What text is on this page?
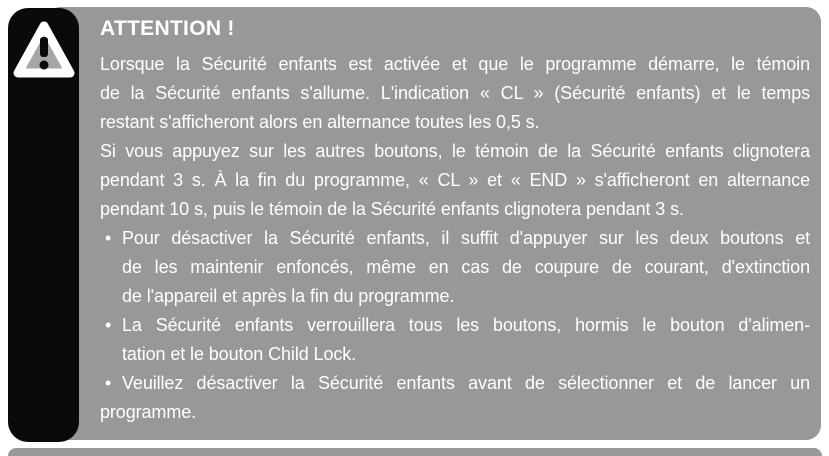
ATTENTION !
Lorsque la Sécurité enfants est activée et que le programme démarre, le témoin
de la Sécurité enfants s'allume. L'indication « CL » (Sécurité enfants) et le temps
restant s'afficheront alors en alternance toutes les 0,5 s.
Si vous appuyez sur les autres boutons, le témoin de la Sécurité enfants clignotera
pendant 3 s. À la fin du programme, « CL » et « END » s'afficheront en alternance
pendant 10 s, puis le témoin de la Sécurité enfants clignotera pendant 3 s.
• Pour désactiver la Sécurité enfants, il suffit d'appuyer sur les deux boutons et
de les maintenir enfoncés, même en cas de coupure de courant, d'extinction
de l'appareil et après la fin du programme.
• La Sécurité enfants verrouillera tous les boutons, hormis le bouton d'alimen-
tation et le bouton Child Lock.
• Veuillez désactiver la Sécurité enfants avant de sélectionner et de lancer un
programme.
